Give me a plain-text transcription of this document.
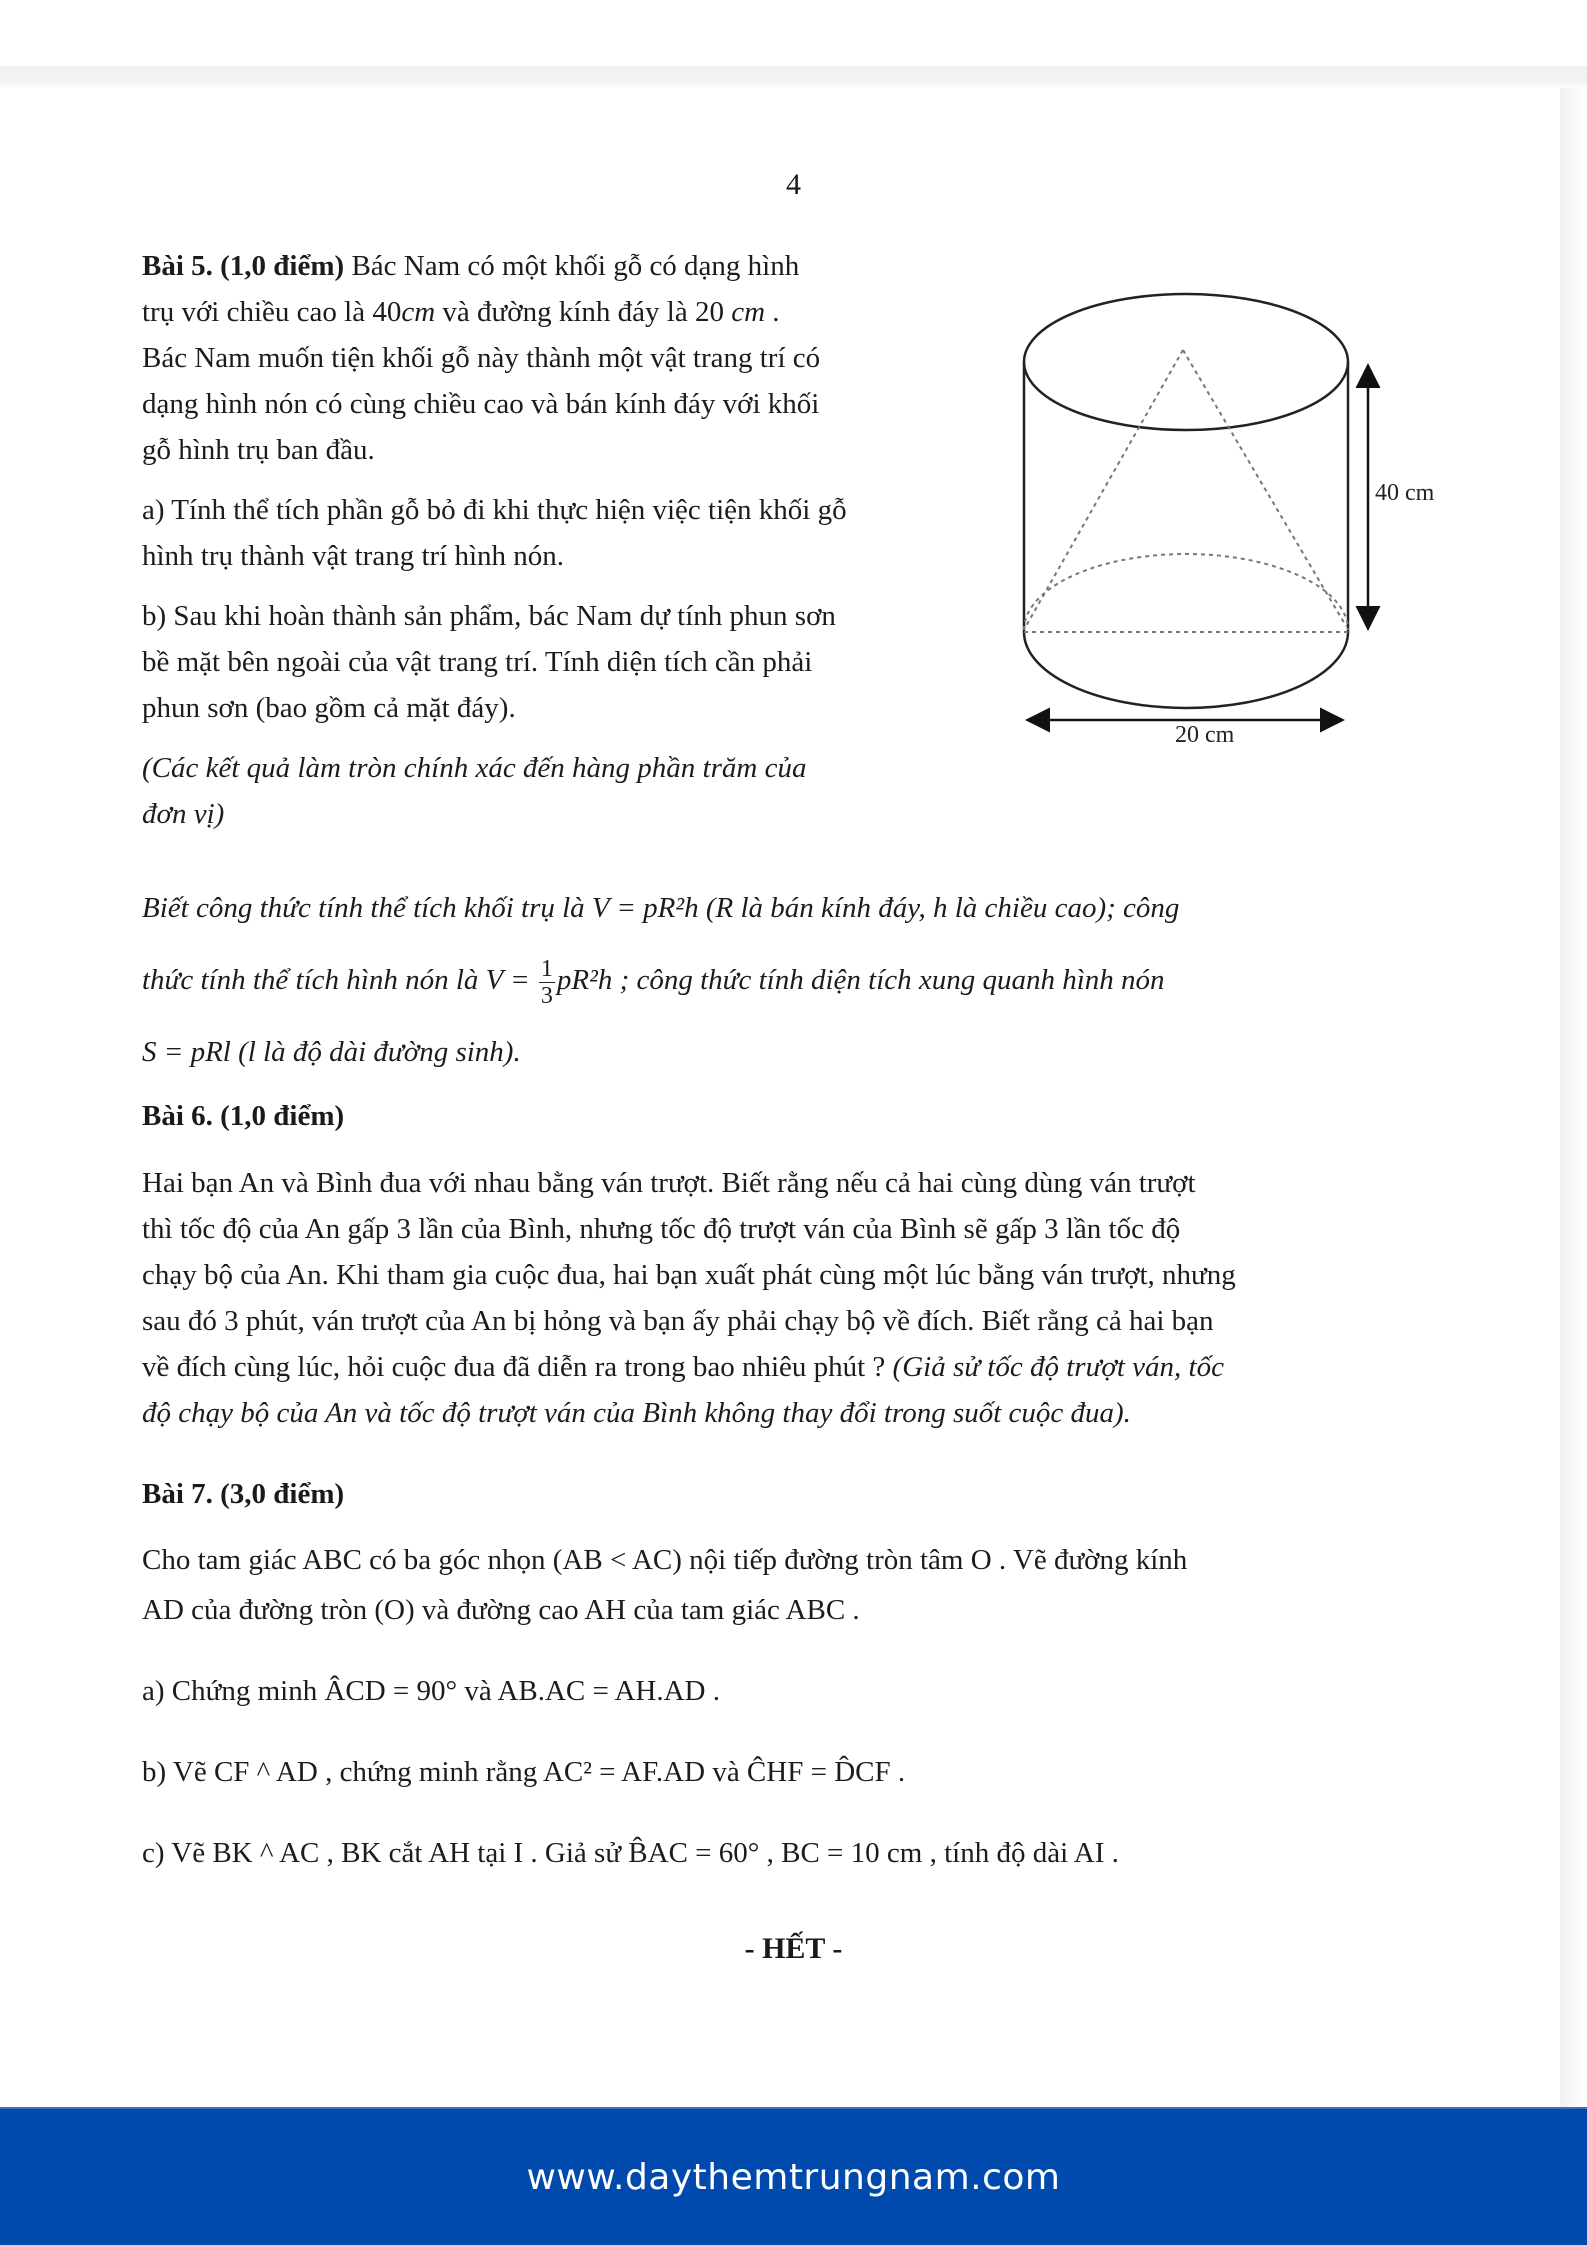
4
Bài 5. (1,0 điểm) Bác Nam có một khối gỗ có dạng hình
trụ với chiều cao là 40cm và đường kính đáy là 20 cm .
Bác Nam muốn tiện khối gỗ này thành một vật trang trí có
dạng hình nón có cùng chiều cao và bán kính đáy với khối
gỗ hình trụ ban đầu.
a) Tính thể tích phần gỗ bỏ đi khi thực hiện việc tiện khối gỗ
hình trụ thành vật trang trí hình nón.
b) Sau khi hoàn thành sản phẩm, bác Nam dự tính phun sơn
bề mặt bên ngoài của vật trang trí. Tính diện tích cần phải
phun sơn (bao gồm cả mặt đáy).
(Các kết quả làm tròn chính xác đến hàng phần trăm của
đơn vị)
40 cm
20 cm
Biết công thức tính thể tích khối trụ là V = pR²h (R là bán kính đáy, h là chiều cao); công
thức tính thể tích hình nón là $V = \frac{1}{3} pR^2h$ ; công thức tính diện tích xung quanh hình nón
S = pRl (l là độ dài đường sinh).
Bài 6. (1,0 điểm)
Hai bạn An và Bình đua với nhau bằng ván trượt. Biết rằng nếu cả hai cùng dùng ván trượt
thì tốc độ của An gấp 3 lần của Bình, nhưng tốc độ trượt ván của Bình sẽ gấp 3 lần tốc độ
chạy bộ của An. Khi tham gia cuộc đua, hai bạn xuất phát cùng một lúc bằng ván trượt, nhưng
sau đó 3 phút, ván trượt của An bị hỏng và bạn ấy phải chạy bộ về đích. Biết rằng cả hai bạn
về đích cùng lúc, hỏi cuộc đua đã diễn ra trong bao nhiêu phút ? (Giả sử tốc độ trượt ván, tốc
độ chạy bộ của An và tốc độ trượt ván của Bình không thay đổi trong suốt cuộc đua).
Bài 7. (3,0 điểm)
Cho tam giác ABC có ba góc nhọn (AB < AC) nội tiếp đường tròn tâm O . Vẽ đường kính
AD của đường tròn (O) và đường cao AH của tam giác ABC .
a) Chứng minh ÂCD = 90° và AB.AC = AH.AD .
b) Vẽ CF ^ AD , chứng minh rằng AC² = AF.AD và ĈHF = D̂CF .
c) Vẽ BK ^ AC , BK cắt AH tại I . Giả sử B̂AC = 60° , BC = 10 cm , tính độ dài AI .
- HẾT -
www.daythemtrungnam.com
